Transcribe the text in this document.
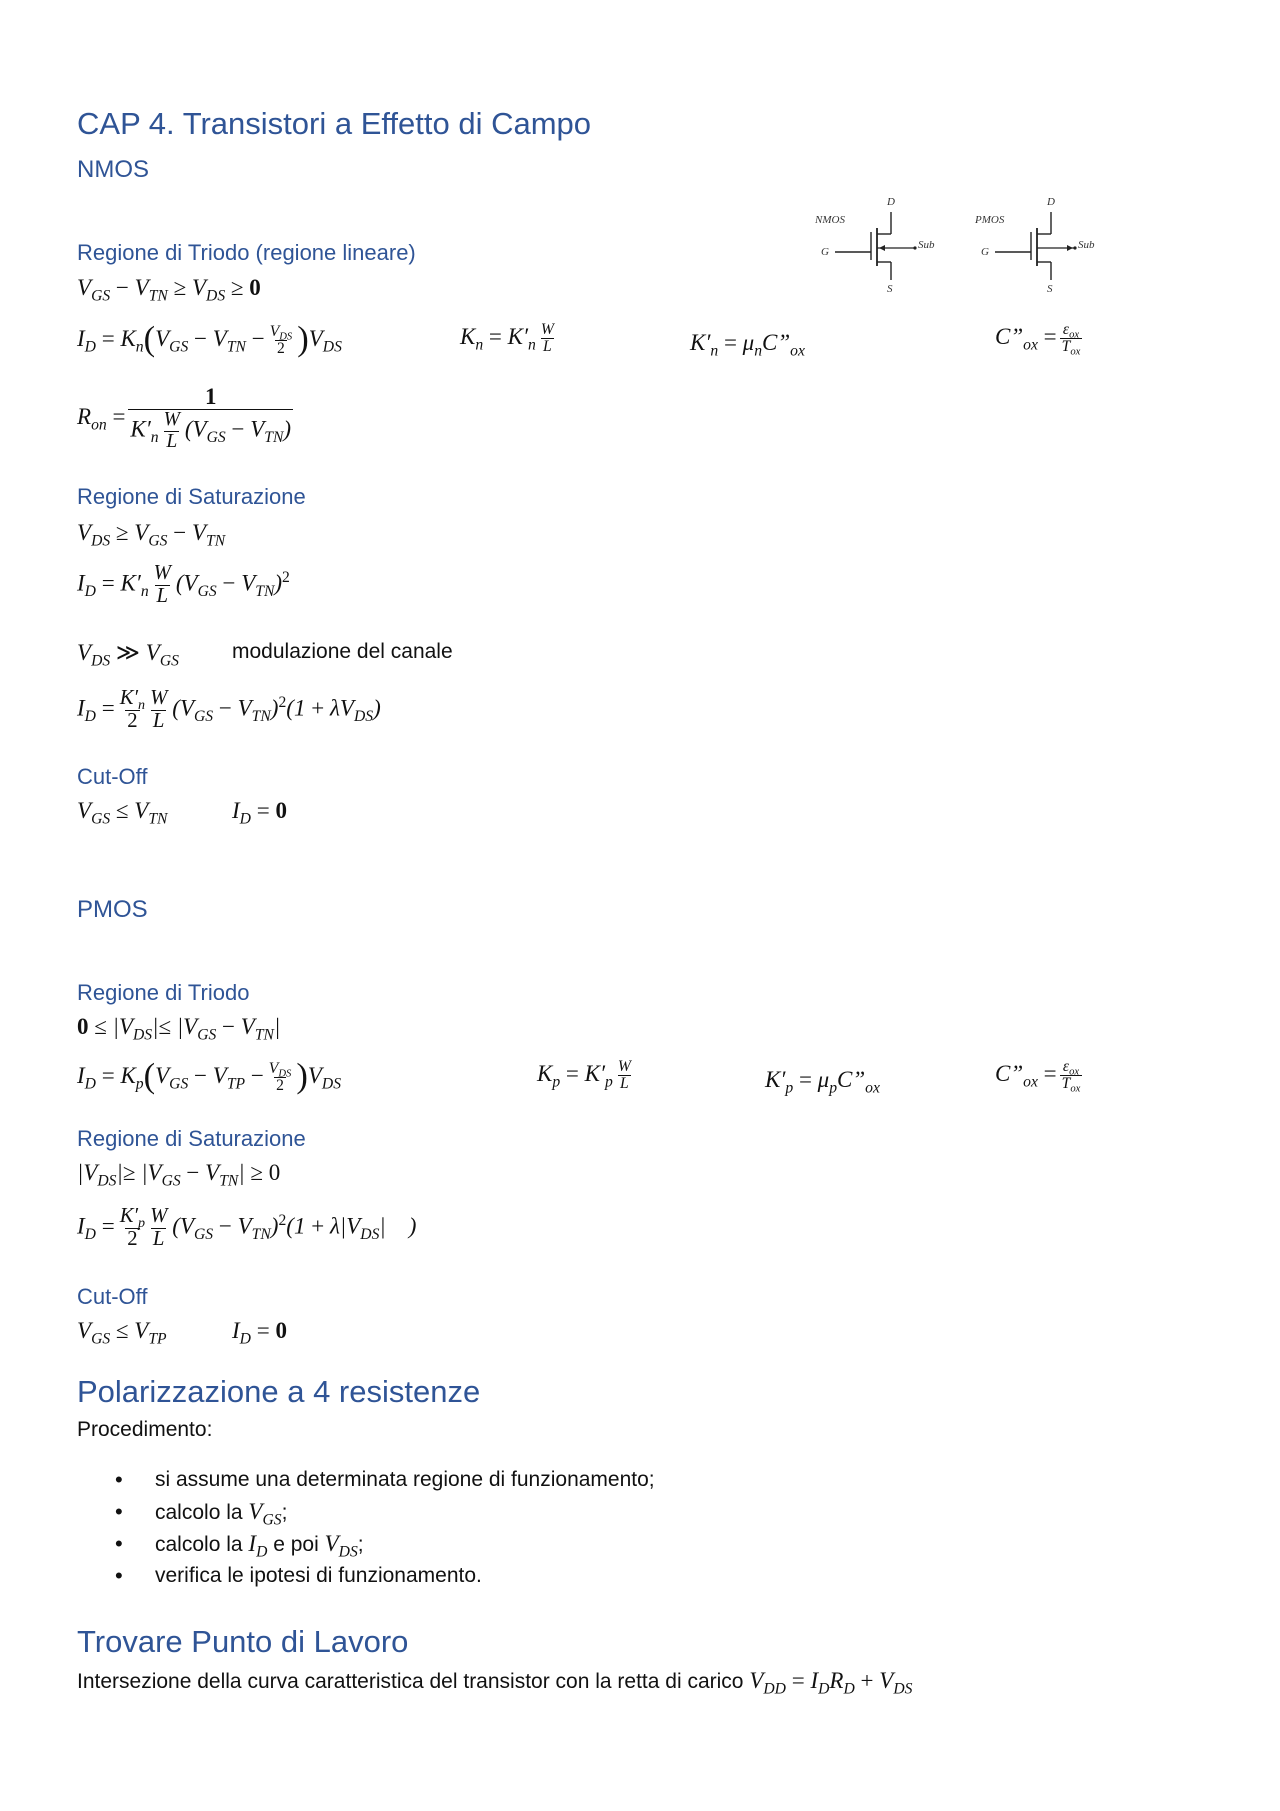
CAP 4. Transistori a Effetto di Campo
NMOS
NMOS
D
G
S
Sub
PMOS
D
G
S
Sub
Regione di Triodo (regione lineare)
$V_{GS} - V_{TN} \ge V_{DS} \ge 0$
$I_D = K_n(V_{GS} - V_{TN} - \frac{V_{DS}}{2} )V_{DS}$	$K_n = K'_n \frac{W}{L}$	$K'_n$ = $\mu_nC”_{ox}$
$C”_{ox} = \frac{\varepsilon_{ox}}{T_{ox}}$
$R_{on} = \frac{1}{K'_n \frac{W}{L} (V_{GS} - V_{TN})}$
Regione di Saturazione
$V_{DS} \ge V_{GS} - V_{TN}$
$I_D = K'_n \frac{W}{L} (V_{GS} - V_{TN})^2$
$V_{DS}$ ≫ $V_{GS}$	modulazione del canale
$I_D = \frac{K'_n}{2} \frac{W}{L} (V_{GS} - V_{TN})^2(1 + \lambda V_{DS})$
Cut-Off
$V_{GS} \le V_{TN}$	$I_D = 0$
PMOS
Regione di Triodo
$0 \le |V_{DS}|\le |V_{GS} - V_{TN}|$
$I_D = K_p(V_{GS} - V_{TP} - \frac{V_{DS}}{2} )V_{DS}$	$K_p = K'_p \frac{W}{L}$	$K'_p$ = $\mu_pC”_{ox}$
$C”_{ox} = \frac{\varepsilon_{ox}}{T_{ox}}$
Regione di Saturazione
$|V_{DS}|\ge |V_{GS} - V_{TN}| \ge 0$
$I_D = \frac{K'_p}{2} \frac{W}{L} (V_{GS} - V_{TN})^2(1 + \lambda|V_{DS}|$    )
Cut-Off
$V_{GS} \le V_{TP}$	$I_D = 0$
Polarizzazione a 4 resistenze
Procedimento:
• si assume una determinata regione di funzionamento;
• calcolo la $V_{GS}$;
• calcolo la $I_D$ e poi $V_{DS}$;
• verifica le ipotesi di funzionamento.
Trovare Punto di Lavoro
Intersezione della curva caratteristica del transistor con la retta di carico $V_{DD} = I_DR_D + V_{DS}$
